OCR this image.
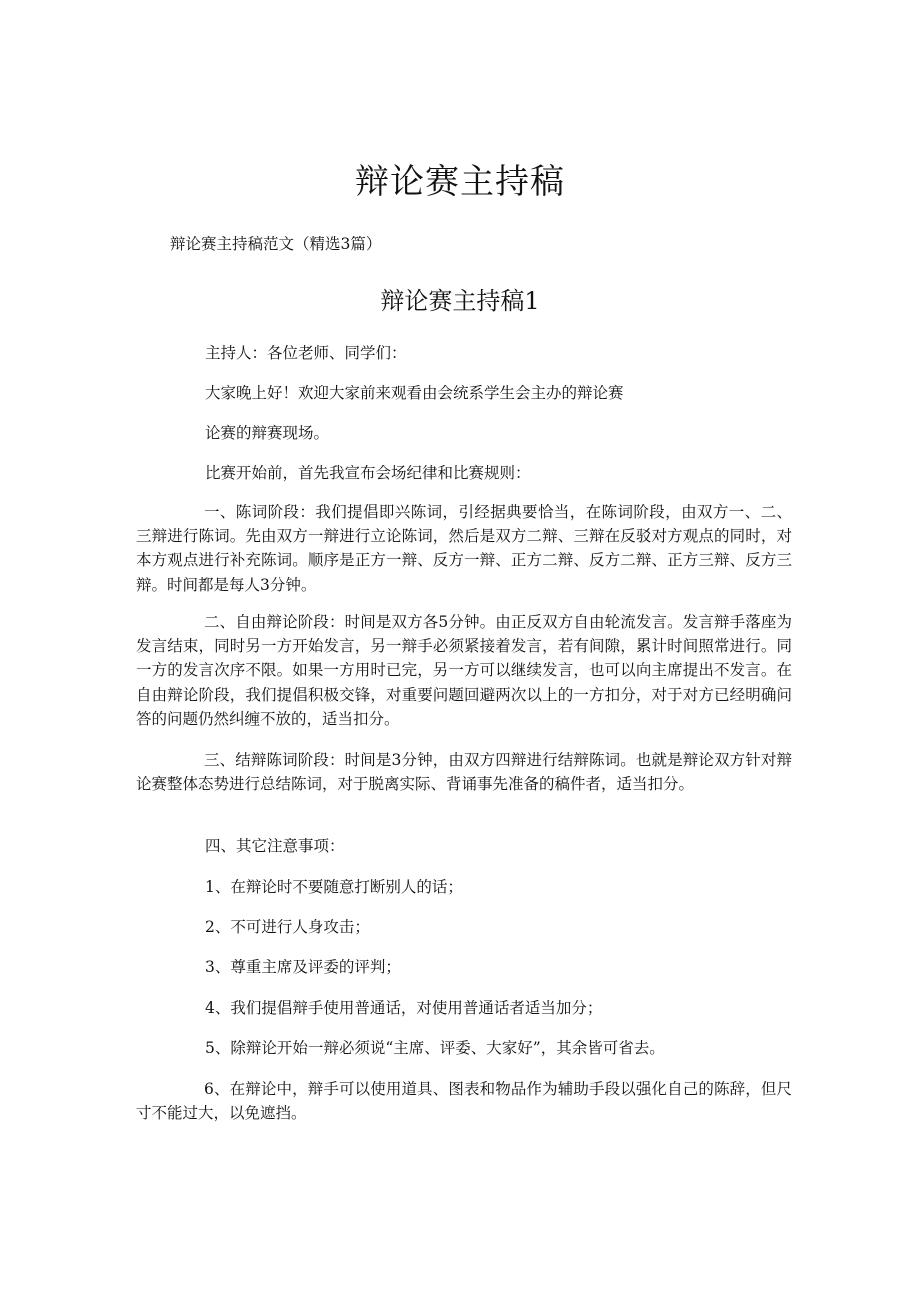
辩论赛主持稿
辩论赛主持稿范文（精选3篇）
辩论赛主持稿1
主持人：各位老师、同学们：
大家晚上好！欢迎大家前来观看由会统系学生会主办的辩论赛
论赛的辩赛现场。
比赛开始前，首先我宣布会场纪律和比赛规则：
一、陈词阶段：我们提倡即兴陈词，引经据典要恰当，在陈词阶段，由双方一、二、三辩进行陈词。先由双方一辩进行立论陈词，然后是双方二辩、三辩在反驳对方观点的同时，对本方观点进行补充陈词。顺序是正方一辩、反方一辩、正方二辩、反方二辩、正方三辩、反方三辩。时间都是每人3分钟。
二、自由辩论阶段：时间是双方各5分钟。由正反双方自由轮流发言。发言辩手落座为发言结束，同时另一方开始发言，另一辩手必须紧接着发言，若有间隙，累计时间照常进行。同一方的发言次序不限。如果一方用时已完，另一方可以继续发言，也可以向主席提出不发言。在自由辩论阶段，我们提倡积极交锋，对重要问题回避两次以上的一方扣分，对于对方已经明确问答的问题仍然纠缠不放的，适当扣分。
三、结辩陈词阶段：时间是3分钟，由双方四辩进行结辩陈词。也就是辩论双方针对辩论赛整体态势进行总结陈词，对于脱离实际、背诵事先准备的稿件者，适当扣分。
四、其它注意事项：
1、在辩论时不要随意打断别人的话；
2、不可进行人身攻击；
3、尊重主席及评委的评判；
4、我们提倡辩手使用普通话，对使用普通话者适当加分；
5、除辩论开始一辩必须说“主席、评委、大家好”，其余皆可省去。
6、在辩论中，辩手可以使用道具、图表和物品作为辅助手段以强化自己的陈辞，但尺寸不能过大，以免遮挡。
